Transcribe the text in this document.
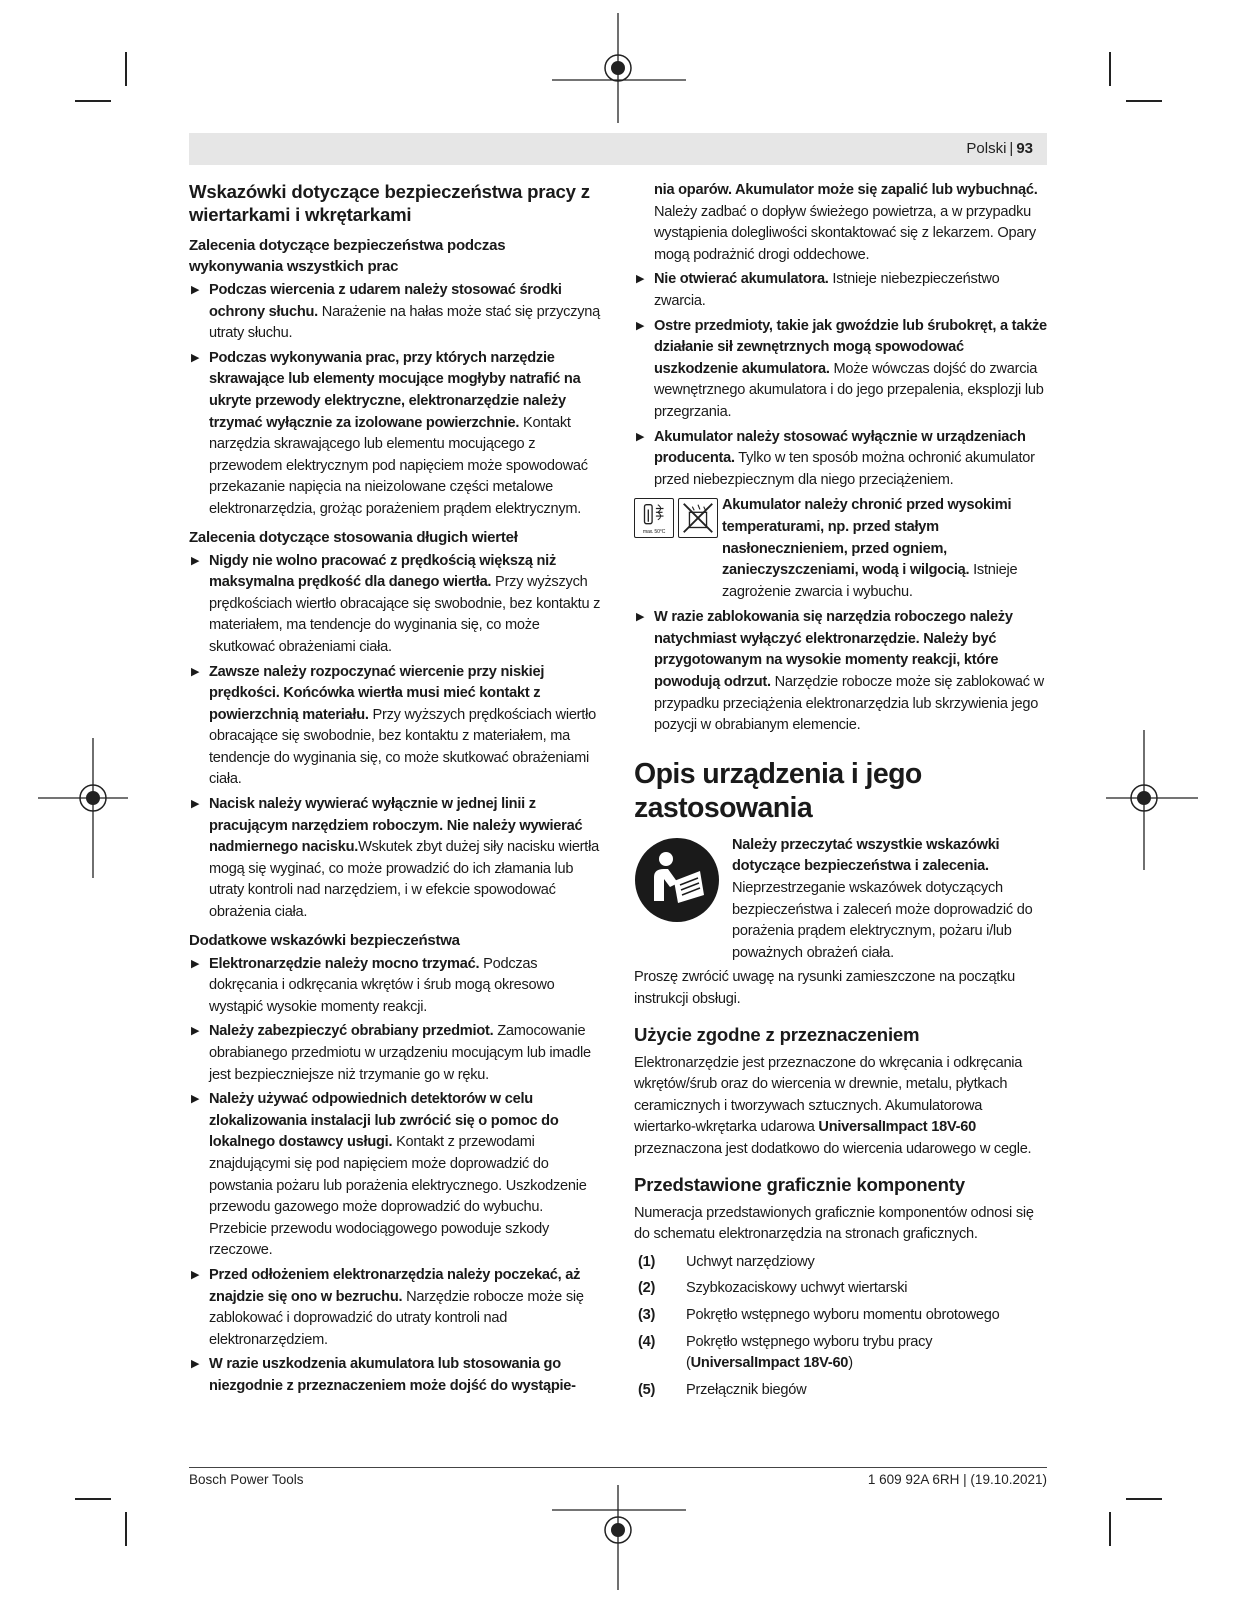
Polski | 93
Wskazówki dotyczące bezpieczeństwa pracy z wiertarkami i wkrętarkami
Zalecenia dotyczące bezpieczeństwa podczas wykonywania wszystkich prac
▶ Podczas wiercenia z udarem należy stosować środki ochrony słuchu. Narażenie na hałas może stać się przyczyną utraty słuchu.
▶ Podczas wykonywania prac, przy których narzędzie skrawające lub elementy mocujące mogłyby natrafić na ukryte przewody elektryczne, elektronarzędzie należy trzymać wyłącznie za izolowane powierzchnie. Kontakt narzędzia skrawającego lub elementu mocującego z przewodem elektrycznym pod napięciem może spowodować przekazanie napięcia na nieizolowane części metalowe elektronarzędzia, grożąc porażeniem prądem elektrycznym.
Zalecenia dotyczące stosowania długich wierteł
▶ Nigdy nie wolno pracować z prędkością większą niż maksymalna prędkość dla danego wiertła. Przy wyższych prędkościach wiertło obracające się swobodnie, bez kontaktu z materiałem, ma tendencje do wyginania się, co może skutkować obrażeniami ciała.
▶ Zawsze należy rozpoczynać wiercenie przy niskiej prędkości. Końcówka wiertła musi mieć kontakt z powierzchnią materiału. Przy wyższych prędkościach wiertło obracające się swobodnie, bez kontaktu z materiałem, ma tendencje do wyginania się, co może skutkować obrażeniami ciała.
▶ Nacisk należy wywierać wyłącznie w jednej linii z pracującym narzędziem roboczym. Nie należy wywierać nadmiernego nacisku.Wskutek zbyt dużej siły nacisku wiertła mogą się wyginać, co może prowadzić do ich złamania lub utraty kontroli nad narzędziem, i w efekcie spowodować obrażenia ciała.
Dodatkowe wskazówki bezpieczeństwa
▶ Elektronarzędzie należy mocno trzymać. Podczas dokręcania i odkręcania wkrętów i śrub mogą okresowo wystąpić wysokie momenty reakcji.
▶ Należy zabezpieczyć obrabiany przedmiot. Zamocowanie obrabianego przedmiotu w urządzeniu mocującym lub imadle jest bezpieczniejsze niż trzymanie go w ręku.
▶ Należy używać odpowiednich detektorów w celu zlokalizowania instalacji lub zwrócić się o pomoc do lokalnego dostawcy usługi. Kontakt z przewodami znajdującymi się pod napięciem może doprowadzić do powstania pożaru lub porażenia elektrycznego. Uszkodzenie przewodu gazowego może doprowadzić do wybuchu. Przebicie przewodu wodociągowego powoduje szkody rzeczowe.
▶ Przed odłożeniem elektronarzędzia należy poczekać, aż znajdzie się ono w bezruchu. Narzędzie robocze może się zablokować i doprowadzić do utraty kontroli nad elektronarzędziem.
▶ W razie uszkodzenia akumulatora lub stosowania go niezgodnie z przeznaczeniem może dojść do wystąpie-
nia oparów. Akumulator może się zapalić lub wybuchnąć. Należy zadbać o dopływ świeżego powietrza, a w przypadku wystąpienia dolegliwości skontaktować się z lekarzem. Opary mogą podrażnić drogi oddechowe.
▶ Nie otwierać akumulatora. Istnieje niebezpieczeństwo zwarcia.
▶ Ostre przedmioty, takie jak gwoździe lub śrubokręt, a także działanie sił zewnętrznych mogą spowodować uszkodzenie akumulatora. Może wówczas dojść do zwarcia wewnętrznego akumulatora i do jego przepalenia, eksplozji lub przegrzania.
▶ Akumulator należy stosować wyłącznie w urządzeniach producenta. Tylko w ten sposób można ochronić akumulator przed niebezpiecznym dla niego przeciążeniem.
max. 50°C

Akumulator należy chronić przed wysokimi temperaturami, np. przed stałym nasłonecznieniem, przed ogniem, zanieczyszczeniami, wodą i wilgocią. Istnieje zagrożenie zwarcia i wybuchu.
▶ W razie zablokowania się narzędzia roboczego należy natychmiast wyłączyć elektronarzędzie. Należy być przygotowanym na wysokie momenty reakcji, które powodują odrzut. Narzędzie robocze może się zablokować w przypadku przeciążenia elektronarzędzia lub skrzywienia jego pozycji w obrabianym elemencie.
Opis urządzenia i jego zastosowania
Należy przeczytać wszystkie wskazówki dotyczące bezpieczeństwa i zalecenia. Nieprzestrzeganie wskazówek dotyczących bezpieczeństwa i zaleceń może doprowadzić do porażenia prądem elektrycznym, pożaru i/lub poważnych obrażeń ciała.

Proszę zwrócić uwagę na rysunki zamieszczone na początku instrukcji obsługi.

Użycie zgodne z przeznaczeniem

Elektronarzędzie jest przeznaczone do wkręcania i odkręcania wkrętów/śrub oraz do wiercenia w drewnie, metalu, płytkach ceramicznych i tworzywach sztucznych. Akumulatorowa wiertarko-wkrętarka udarowa UniversalImpact 18V-60 przeznaczona jest dodatkowo do wiercenia udarowego w cegle.

Przedstawione graficznie komponenty

Numeracja przedstawionych graficznie komponentów odnosi się do schematu elektronarzędzia na stronach graficznych.

(1)	Uchwyt narzędziowy
(2)	Szybkozaciskowy uchwyt wiertarski
(3)	Pokrętło wstępnego wyboru momentu obrotowego
(4)	Pokrętło wstępnego wyboru trybu pracy
(UniversalImpact 18V-60)
(5)	Przełącznik biegów
Bosch Power Tools	1 609 92A 6RH | (19.10.2021)
